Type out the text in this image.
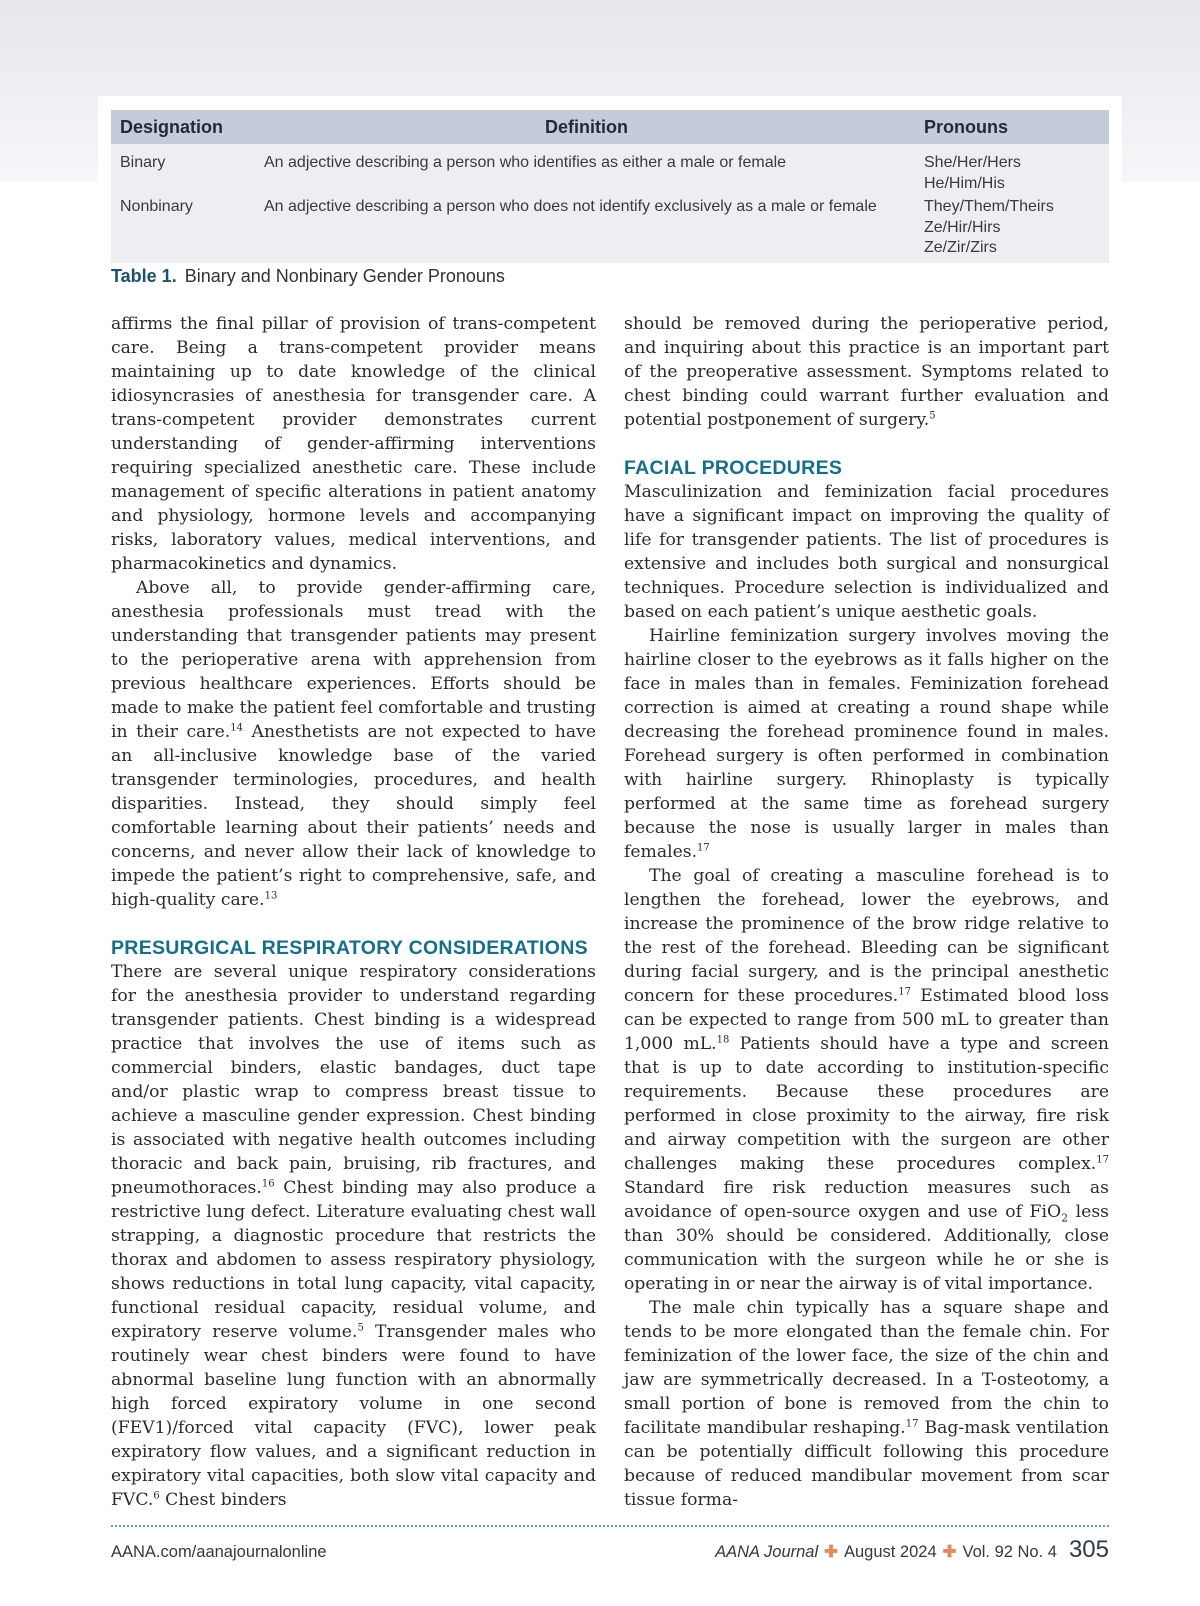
Designation	Definition	Pronouns
Binary	An adjective describing a person who identifies as either a male or female	She/Her/Hers
He/Him/His
Nonbinary	An adjective describing a person who does not identify exclusively as a male or female	They/Them/Theirs
Ze/Hir/Hirs
Ze/Zir/Zirs
Table 1. Binary and Nonbinary Gender Pronouns

affirms the final pillar of provision of trans-competent care. Being a trans-competent provider means maintaining up to date knowledge of the clinical idiosyncrasies of anesthesia for transgender care. A trans-competent provider demonstrates current understanding of gender-affirming interventions requiring specialized anesthetic care. These include management of specific alterations in patient anatomy and physiology, hormone levels and accompanying risks, laboratory values, medical interventions, and pharmacokinetics and dynamics.

Above all, to provide gender-affirming care, anesthesia professionals must tread with the understanding that transgender patients may present to the perioperative arena with apprehension from previous healthcare experiences. Efforts should be made to make the patient feel comfortable and trusting in their care.$^{14}$ Anesthetists are not expected to have an all-inclusive knowledge base of the varied transgender terminologies, procedures, and health disparities. Instead, they should simply feel comfortable learning about their patients’ needs and concerns, and never allow their lack of knowledge to impede the patient’s right to comprehensive, safe, and high-quality care.$^{13}$

PRESURGICAL RESPIRATORY CONSIDERATIONS

There are several unique respiratory considerations for the anesthesia provider to understand regarding transgender patients. Chest binding is a widespread practice that involves the use of items such as commercial binders, elastic bandages, duct tape and/or plastic wrap to compress breast tissue to achieve a masculine gender expression. Chest binding is associated with negative health outcomes including thoracic and back pain, bruising, rib fractures, and pneumothoraces.$^{16}$ Chest binding may also produce a restrictive lung defect. Literature evaluating chest wall strapping, a diagnostic procedure that restricts the thorax and abdomen to assess respiratory physiology, shows reductions in total lung capacity, vital capacity, functional residual capacity, residual volume, and expiratory reserve volume.$^5$ Transgender males who routinely wear chest binders were found to have abnormal baseline lung function with an abnormally high forced expiratory volume in one second (FEV1)/forced vital capacity (FVC), lower peak expiratory flow values, and a significant reduction in expiratory vital capacities, both slow vital capacity and FVC.$^6$ Chest binders

should be removed during the perioperative period, and inquiring about this practice is an important part of the preoperative assessment. Symptoms related to chest binding could warrant further evaluation and potential postponement of surgery.$^5$

FACIAL PROCEDURES

Masculinization and feminization facial procedures have a significant impact on improving the quality of life for transgender patients. The list of procedures is extensive and includes both surgical and nonsurgical techniques. Procedure selection is individualized and based on each patient’s unique aesthetic goals.

Hairline feminization surgery involves moving the hairline closer to the eyebrows as it falls higher on the face in males than in females. Feminization forehead correction is aimed at creating a round shape while decreasing the forehead prominence found in males. Forehead surgery is often performed in combination with hairline surgery. Rhinoplasty is typically performed at the same time as forehead surgery because the nose is usually larger in males than females.$^{17}$

The goal of creating a masculine forehead is to lengthen the forehead, lower the eyebrows, and increase the prominence of the brow ridge relative to the rest of the forehead. Bleeding can be significant during facial surgery, and is the principal anesthetic concern for these procedures.$^{17}$ Estimated blood loss can be expected to range from 500 mL to greater than 1,000 mL.$^{18}$ Patients should have a type and screen that is up to date according to institution-specific requirements. Because these procedures are performed in close proximity to the airway, fire risk and airway competition with the surgeon are other challenges making these procedures complex.$^{17}$ Standard fire risk reduction measures such as avoidance of open-source oxygen and use of FiO$_2$ less than 30% should be considered. Additionally, close communication with the surgeon while he or she is operating in or near the airway is of vital importance.

The male chin typically has a square shape and tends to be more elongated than the female chin. For feminization of the lower face, the size of the chin and jaw are symmetrically decreased. In a T-osteotomy, a small portion of bone is removed from the chin to facilitate mandibular reshaping.$^{17}$ Bag-mask ventilation can be potentially difficult following this procedure because of reduced mandibular movement from scar tissue forma-

AANA.com/aanajournalonline	AANA Journal ✚ August 2024 ✚ Vol. 92 No. 4 305
